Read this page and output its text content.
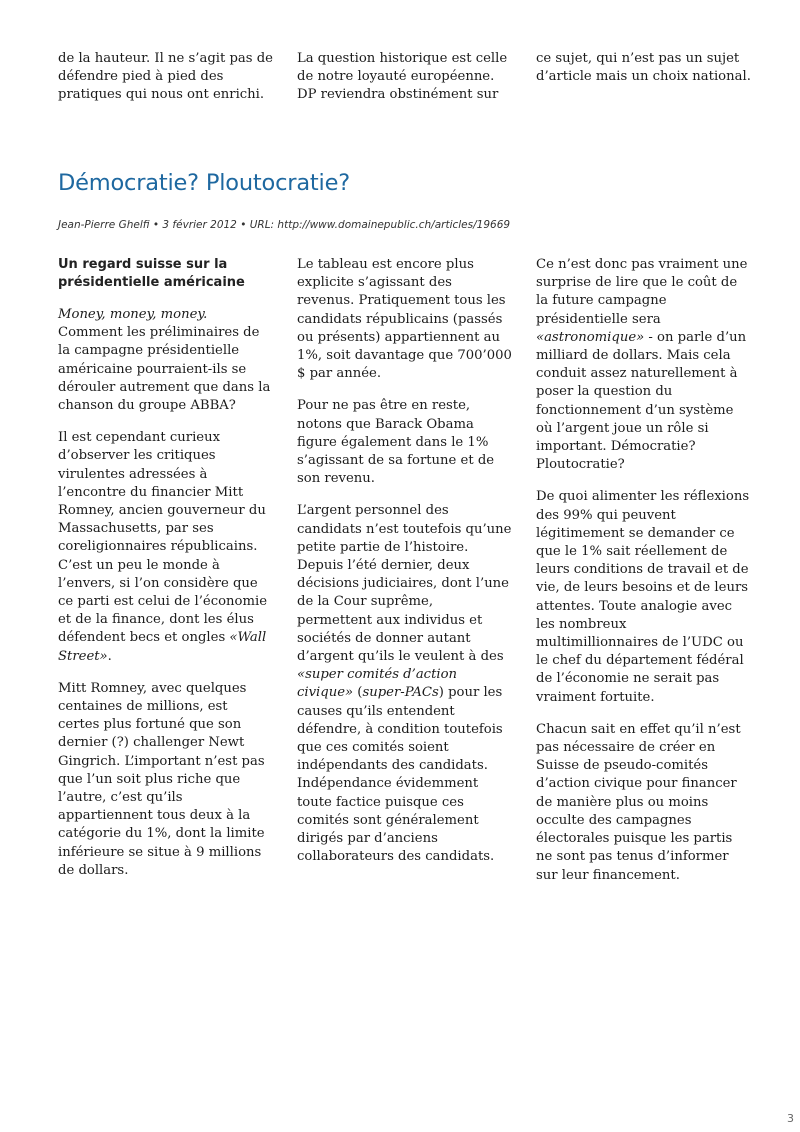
de la hauteur. Il ne s’agit pas de défendre pied à pied des pratiques qui nous ont enrichi.

La question historique est celle de notre loyauté européenne. DP reviendra obstinément sur

ce sujet, qui n’est pas un sujet d’article mais un choix national.

Démocratie? Ploutocratie?
Jean-Pierre Ghelfi • 3 février 2012 • URL: http://www.domainepublic.ch/articles/19669
Un regard suisse sur la présidentielle américaine

Money, money, money. Comment les préliminaires de la campagne présidentielle américaine pourraient-ils se dérouler autrement que dans la chanson du groupe ABBA?

Il est cependant curieux d’observer les critiques virulentes adressées à l’encontre du financier Mitt Romney, ancien gouverneur du Massachusetts, par ses coreligionnaires républicains. C’est un peu le monde à l’envers, si l’on considère que ce parti est celui de l’économie et de la finance, dont les élus défendent becs et ongles «Wall Street».

Mitt Romney, avec quelques centaines de millions, est certes plus fortuné que son dernier (?) challenger Newt Gingrich. L’important n’est pas que l’un soit plus riche que l’autre, c’est qu’ils appartiennent tous deux à la catégorie du 1%, dont la limite inférieure se situe à 9 millions de dollars.

Le tableau est encore plus explicite s’agissant des revenus. Pratiquement tous les candidats républicains (passés ou présents) appartiennent au 1%, soit davantage que 700’000 $ par année.

Pour ne pas être en reste, notons que Barack Obama figure également dans le 1% s’agissant de sa fortune et de son revenu.

L’argent personnel des candidats n’est toutefois qu’une petite partie de l’histoire. Depuis l’été dernier, deux décisions judiciaires, dont l’une de la Cour suprême, permettent aux individus et sociétés de donner autant d’argent qu’ils le veulent à des «super comités d’action civique» (super-PACs) pour les causes qu’ils entendent défendre, à condition toutefois que ces comités soient indépendants des candidats. Indépendance évidemment toute factice puisque ces comités sont généralement dirigés par d’anciens collaborateurs des candidats.

Ce n’est donc pas vraiment une surprise de lire que le coût de la future campagne présidentielle sera «astronomique» - on parle d’un milliard de dollars. Mais cela conduit assez naturellement à poser la question du fonctionnement d’un système où l’argent joue un rôle si important. Démocratie? Ploutocratie?

De quoi alimenter les réflexions des 99% qui peuvent légitimement se demander ce que le 1% sait réellement de leurs conditions de travail et de vie, de leurs besoins et de leurs attentes. Toute analogie avec les nombreux multimillionnaires de l’UDC ou le chef du département fédéral de l’économie ne serait pas vraiment fortuite.

Chacun sait en effet qu’il n’est pas nécessaire de créer en Suisse de pseudo-comités d’action civique pour financer de manière plus ou moins occulte des campagnes électorales puisque les partis ne sont pas tenus d’informer sur leur financement.

3
